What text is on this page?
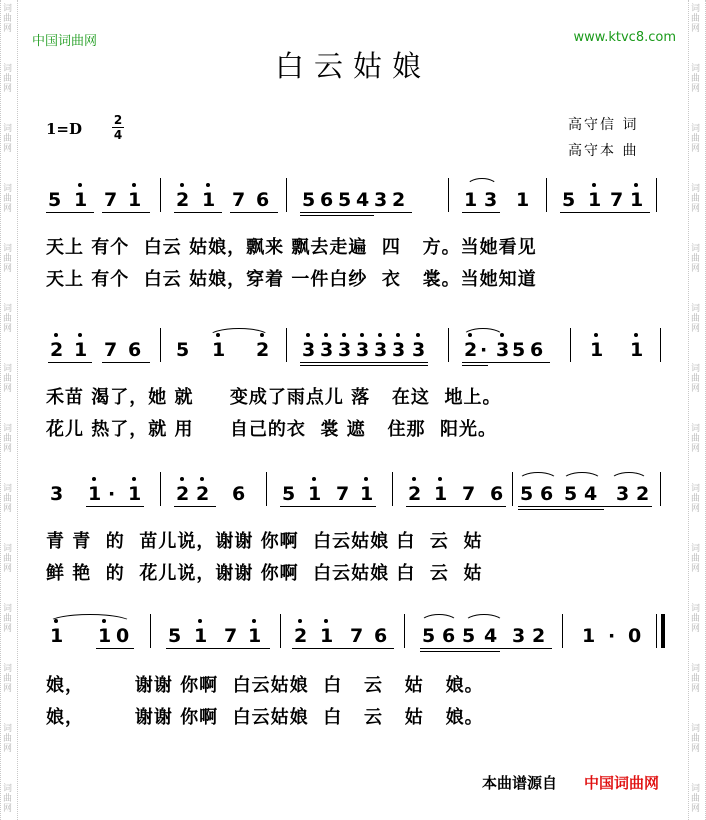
词曲网
词曲网
词曲网
词曲网
词曲网
词曲网
词曲网
词曲网
词曲网
词曲网
词曲网
词曲网
词曲网
词曲网
词曲网
词曲网
词曲网
词曲网
词曲网
词曲网
词曲网
词曲网
词曲网
词曲网
词曲网
词曲网
词曲网
词曲网
中国词曲网	www.ktvc8.com
白云姑娘
1=D	2
4
高守信 词
高守本 曲
5 1 7 1 2 1 7 6 5 6 5 4 3 2	1 3 1 5 1 7 1
天上 有个  白云 姑娘，飘来 飘去走遍  四   方。当她看见
天上 有个  白云 姑娘，穿着 一件白纱  衣   裳。当她知道
2 1 7 6 5 1 2 3 3 3 3 3 3 3 2 · 3 5 6 1 1
禾苗 渴了，她 就     变成了雨点儿 落   在这  地上。
花儿 热了，就 用     自己的衣  裳 遮   住那  阳光。
3 1 · 1 2 2 6 5 1 7 1 2 1 7 6 5 6 5 4 3 2
青 青  的  苗儿说，谢谢 你啊  白云姑娘 白  云  姑
鲜 艳  的  花儿说，谢谢 你啊  白云姑娘 白  云  姑
1 1 0 5 1 7 1 2 1 7 6 5 6 5 4 3 2 1 · 0
娘，       谢谢 你啊  白云姑娘  白   云   姑   娘。
娘，       谢谢 你啊  白云姑娘  白   云   姑   娘。
本曲谱源自 中国词曲网
